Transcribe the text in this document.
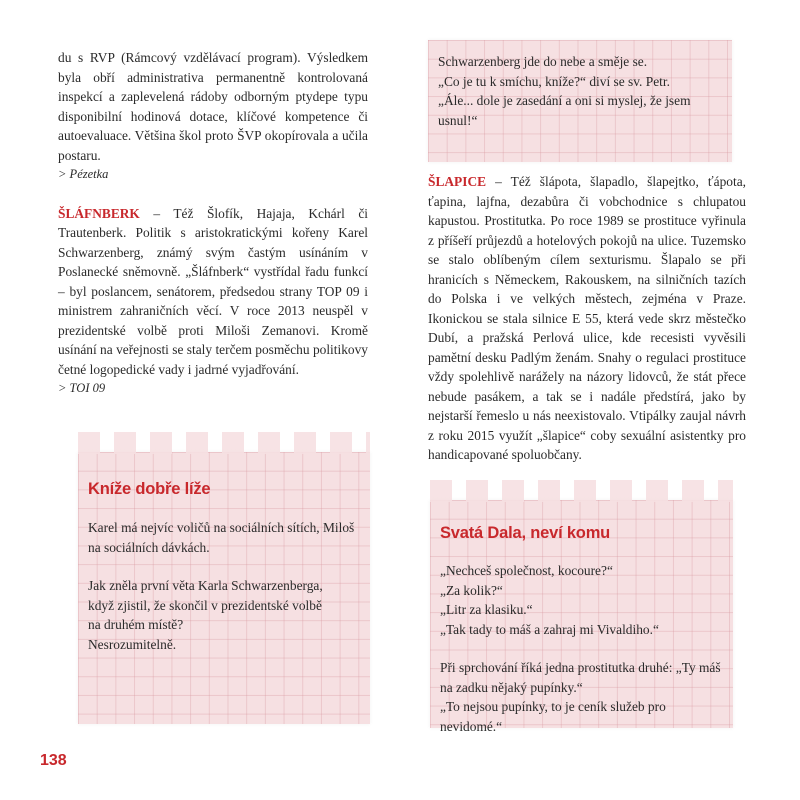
du s RVP (Rámcový vzdělávací program). Výsledkem byla obří administrativa permanentně kontrolovaná inspekcí a zaplevelená rádoby odborným ptydepe typu disponibilní hodinová dotace, klíčové kompetence či autoevaluace. Většina škol proto ŠVP okopírovala a učila postaru.

> Pézetka

ŠLÁFNBERK – Též Šlofík, Hajaja, Kchárl či Trautenberk. Politik s aristokratickými kořeny Karel Schwarzenberg, známý svým častým usínáním v Poslanecké sněmovně. „Šláfnberk“ vystřídal řadu funkcí – byl poslancem, senátorem, předsedou strany TOP 09 i ministrem zahraničních věcí. V roce 2013 neuspěl v prezidentské volbě proti Miloši Zemanovi. Kromě usínání na veřejnosti se staly terčem posměchu politikovy četné logopedické vady i jadrné vyjadřování.

> TOI 09

Schwarzenberg jde do nebe a směje se.
„Co je tu k smíchu, kníže?“ diví se sv. Petr.
„Ále... dole je zasedání a oni si myslej, že jsem usnul!“

ŠLAPICE – Též šlápota, šlapadlo, šlapejtko, ťápota, ťapina, lajfna, dezabůra či vobchodnice s chlupatou kapustou. Prostitutka. Po roce 1989 se prostituce vyřinula z příšeří průjezdů a hotelových pokojů na ulice. Tuzemsko se stalo oblíbeným cílem sexturismu. Šlapalo se při hranicích s Německem, Rakouskem, na silničních tazích do Polska i ve velkých městech, zejména v Praze. Ikonickou se stala silnice E 55, která vede skrz městečko Dubí, a pražská Perlová ulice, kde recesisti vyvěsili pamětní desku Padlým ženám. Snahy o regulaci prostituce vždy spolehlivě narážely na názory lidovců, že stát přece nebude pasákem, a tak se i nadále předstírá, jako by nejstarší řemeslo u nás neexistovalo. Vtipálky zaujal návrh z roku 2015 využít „šlapice“ coby sexuální asistentky pro handicapované spoluobčany.

Kníže dobře líže
Karel má nejvíc voličů na sociálních sítích, Miloš na sociálních dávkách.
Jak zněla první věta Karla Schwarzenberga,
když zjistil, že skončil v prezidentské volbě
na druhém místě?
Nesrozumitelně.
Svatá Dala, neví komu
„Nechceš společnost, kocoure?“
„Za kolik?“
„Litr za klasiku.“
„Tak tady to máš a zahraj mi Vivaldiho.“
Při sprchování říká jedna prostitutka druhé: „Ty máš na zadku nějaký pupínky.“
„To nejsou pupínky, to je ceník služeb pro nevidomé.“
138
